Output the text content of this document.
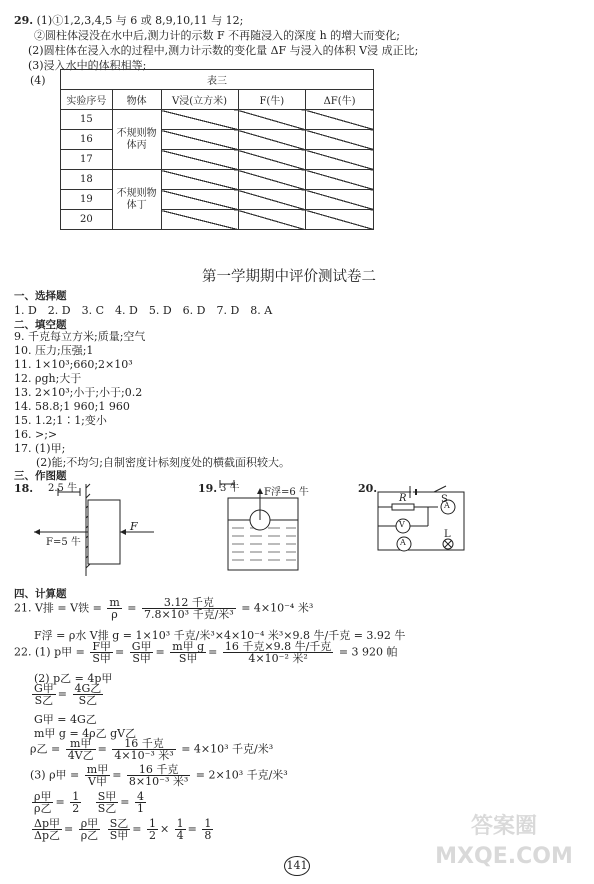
29. (1)①1,2,3,4,5 与 6 或 8,9,10,11 与 12;
②圆柱体浸没在水中后,测力计的示数 F 不再随浸入的深度 h 的增大而变化;
(2)圆柱体在浸入水的过程中,测力计示数的变化量 ΔF 与浸入的体积 V浸 成正比;
(3)浸入水中的体积相等;
(4)	表三				
实验序号	物体	V浸(立方米)	F(牛)	ΔF(牛)
15	不规则物体丙			
16				
17				
18	不规则物体丁			
19				
20				
第一学期期中评价测试卷二
一、选择题
1. D　2. D　3. C　4. D　5. D　6. D　7. D　8. A
二、填空题
9. 千克每立方米;质量;空气
10. 压力;压强;1
11. 1×10³;660;2×10³
12. ρgh;大于
13. 2×10³;小于;小于;0.2
14. 58.8;1 960;1 960
15. 1.2;1∶1;变小
16. >;>
17. (1)甲;
　　(2)能;不均匀;自制密度计标刻度处的横截面积较大。
三、作图题
18. 2.5 牛
F=5 牛
F
19. 3 牛 F浮=6 牛	20.
R	S
L
V
A
A
四、计算题
21. V排 = V铁 = $\frac{m}{\rho} = \frac{\text{3.12 千克}}{\text{7.8×10³ 千克/米³}} = 4\times 10^{-4}$ 米³
F浮 = ρ水 V排 g = 1×10³ 千克/米³×4×10⁻⁴ 米³×9.8 牛/千克 = 3.92 牛
22. (1) p甲 = $\frac{\text{F甲}}{\text{S甲}} = \frac{\text{G甲}}{\text{S甲}} = \frac{\text{m甲 g}}{\text{S甲}} = \frac{\text{16 千克×9.8 牛/千克}}{\text{4×10⁻² 米²}} = 3$ 920 帕
(2) p乙 = 4p甲
$\frac{\text{G甲}}{\text{S乙}} = \frac{\text{4G乙}}{\text{S乙}}$
G甲 = 4G乙
m甲 g = 4ρ乙 gV乙
ρ乙 = $\frac{\text{m甲}}{\text{4V乙}} = \frac{\text{16 千克}}{\text{4×10⁻³ 米³}} = 4\times 10^3$ 千克/米³
(3) ρ甲 = $\frac{\text{m甲}}{\text{V甲}} = \frac{\text{16 千克}}{\text{8×10⁻³ 米³}} = 2\times 10^3$ 千克/米³
$\frac{\text{ρ甲}}{\text{ρ乙}} = \frac{1}{2}$
$\frac{\text{S甲}}{\text{S乙}} = \frac{4}{1}$
$\frac{\text{Δp甲}}{\text{Δp乙}} = \frac{\text{ρ甲}}{\text{ρ乙}}$
$\frac{\text{S乙}}{\text{S甲}} = \frac{1}{2} \times \frac{1}{4} = \frac{1}{8}$
141
答案圈 MXQE.COM
